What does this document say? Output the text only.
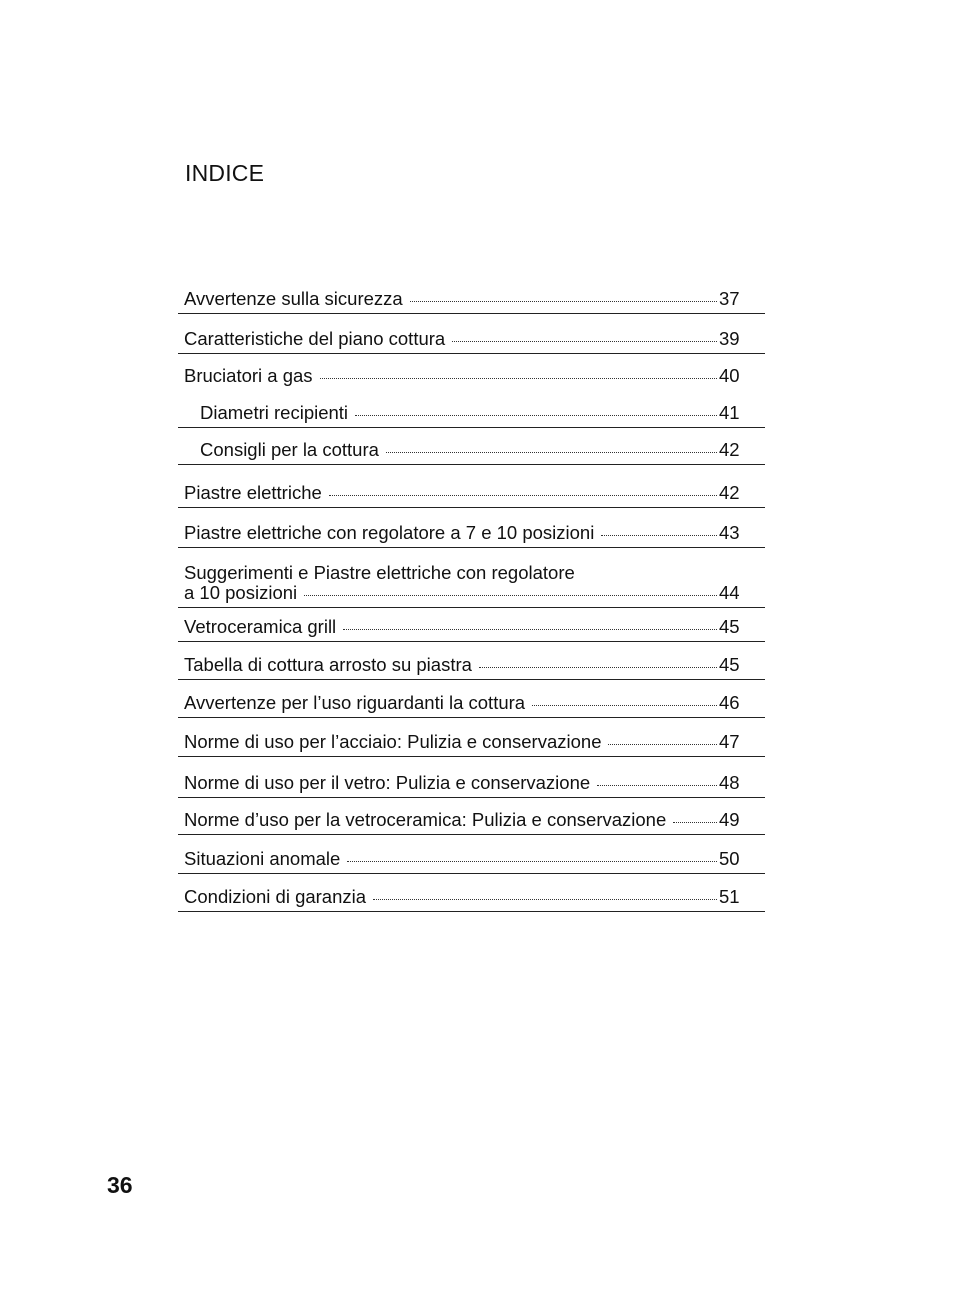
INDICE
Avvertenze sulla sicurezza	37
Caratteristiche del piano cottura	39
Bruciatori a gas	40
Diametri recipienti	41
Consigli per la cottura	42
Piastre elettriche	42
Piastre elettriche con regolatore a 7 e 10 posizioni	43
Suggerimenti e Piastre elettriche con regolatore
a 10 posizioni	44
Vetroceramica grill	45
Tabella di cottura arrosto su piastra	45
Avvertenze per l’uso riguardanti la cottura	46
Norme di uso per l’acciaio: Pulizia e conservazione	47
Norme di uso per il vetro: Pulizia e conservazione	48
Norme d’uso per la vetroceramica: Pulizia e conservazione	49
Situazioni anomale	50
Condizioni di garanzia	51
36
